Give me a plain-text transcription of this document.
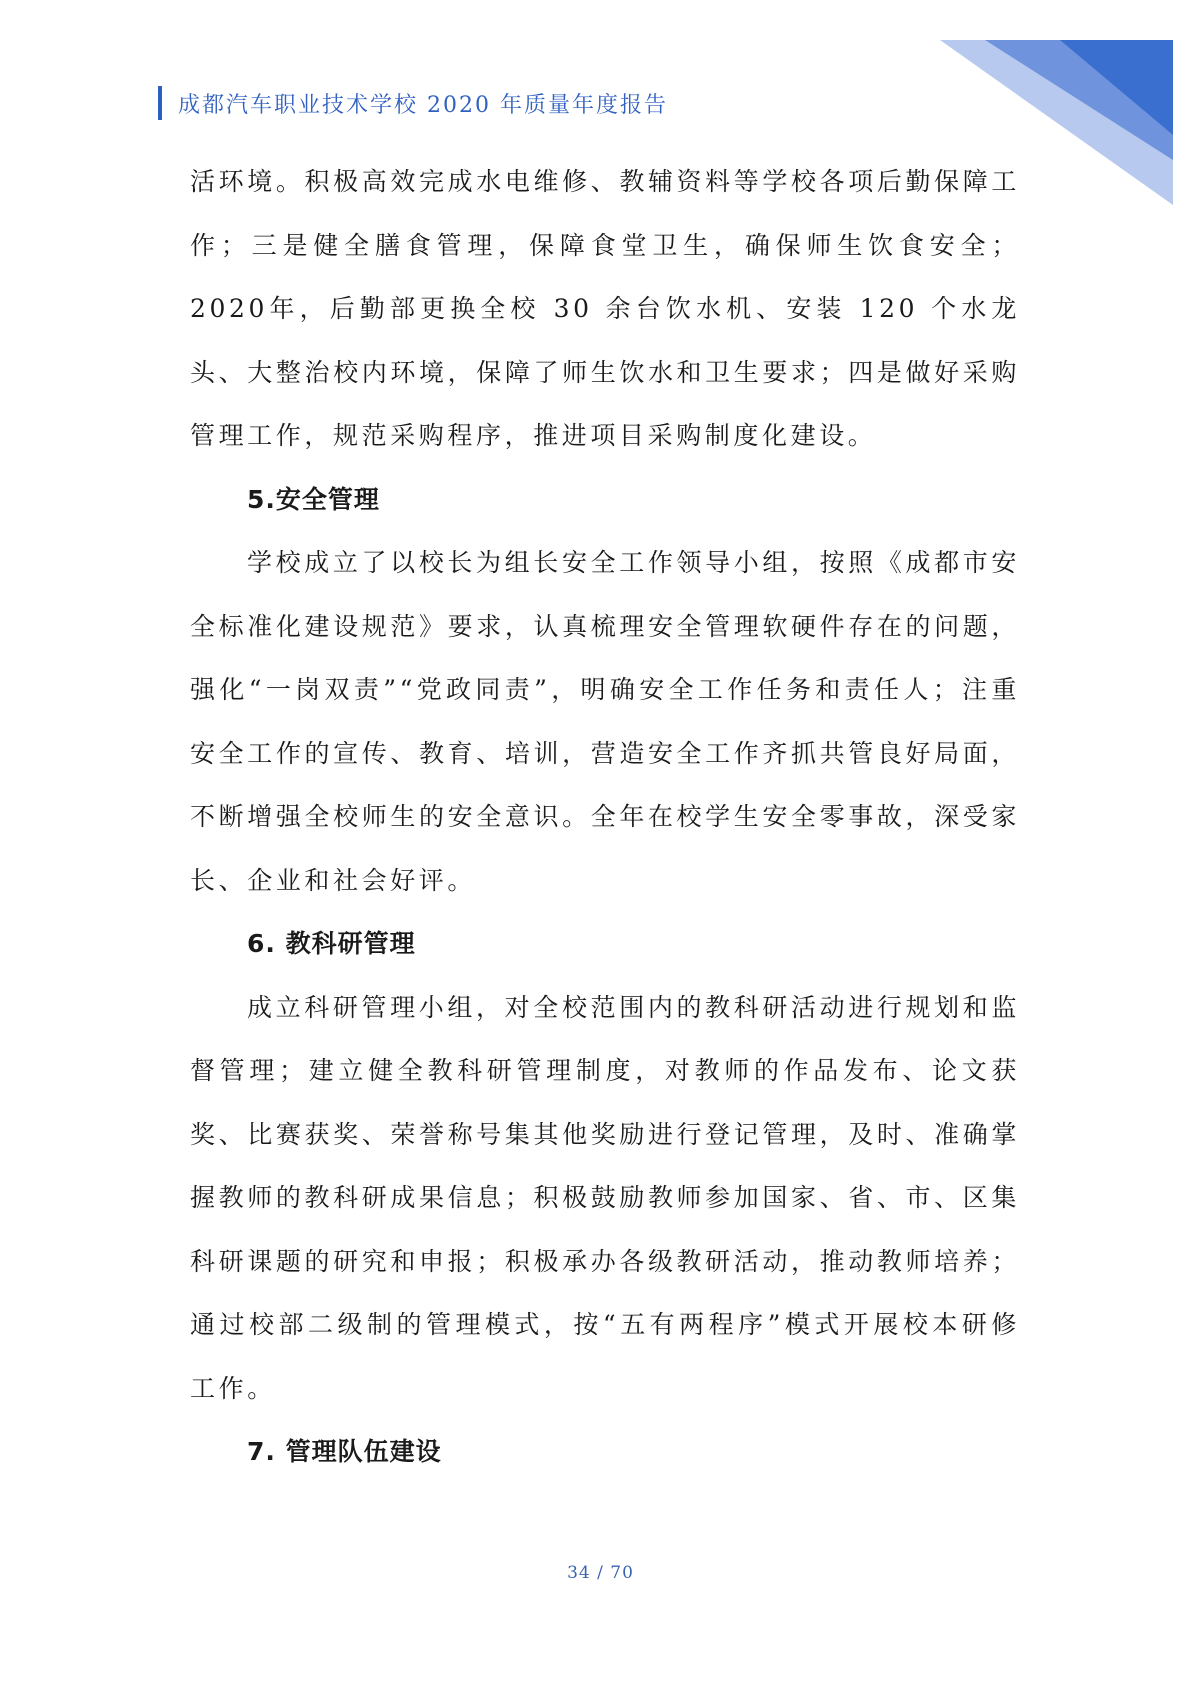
成都汽车职业技术学校 2020 年质量年度报告

活环境。积极高效完成水电维修、教辅资料等学校各项后勤保障工作；三是健全膳食管理，保障食堂卫生，确保师生饮食安全；2020年，后勤部更换全校 30 余台饮水机、安装 120 个水龙头、大整治校内环境，保障了师生饮水和卫生要求；四是做好采购管理工作，规范采购程序，推进项目采购制度化建设。

5.安全管理

学校成立了以校长为组长安全工作领导小组，按照《成都市安全标准化建设规范》要求，认真梳理安全管理软硬件存在的问题，强化“一岗双责”“党政同责”，明确安全工作任务和责任人；注重安全工作的宣传、教育、培训，营造安全工作齐抓共管良好局面，不断增强全校师生的安全意识。全年在校学生安全零事故，深受家长、企业和社会好评。

6. 教科研管理

成立科研管理小组，对全校范围内的教科研活动进行规划和监督管理；建立健全教科研管理制度，对教师的作品发布、论文获奖、比赛获奖、荣誉称号集其他奖励进行登记管理，及时、准确掌握教师的教科研成果信息；积极鼓励教师参加国家、省、市、区集科研课题的研究和申报；积极承办各级教研活动，推动教师培养；通过校部二级制的管理模式，按“五有两程序”模式开展校本研修工作。

7. 管理队伍建设

34 / 70
